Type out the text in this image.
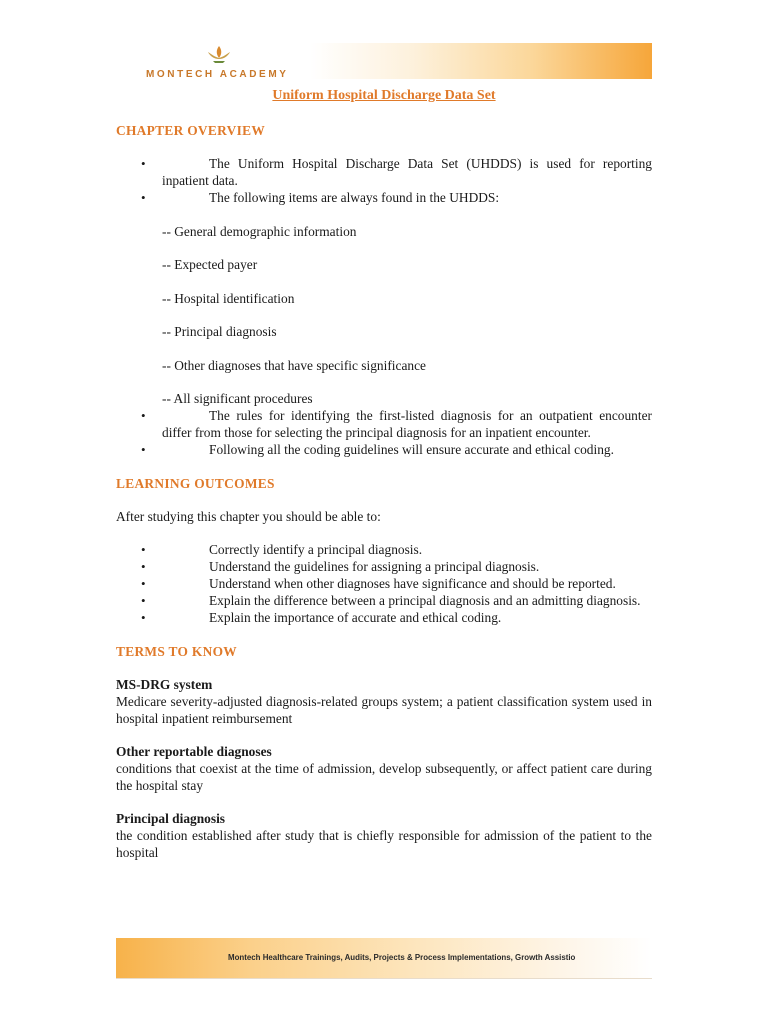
MONTECH ACADEMY
Uniform Hospital Discharge Data Set
CHAPTER OVERVIEW
•	The Uniform Hospital Discharge Data Set (UHDDS) is used for reporting inpatient data.
•	The following items are always found in the UHDDS:
-- General demographic information
-- Expected payer
-- Hospital identification
-- Principal diagnosis
-- Other diagnoses that have specific significance
-- All significant procedures
•	The rules for identifying the first-listed diagnosis for an outpatient encounter differ from those for selecting the principal diagnosis for an inpatient encounter.
•	Following all the coding guidelines will ensure accurate and ethical coding.
LEARNING OUTCOMES

After studying this chapter you should be able to:

•	Correctly identify a principal diagnosis.
•	Understand the guidelines for assigning a principal diagnosis.
•	Understand when other diagnoses have significance and should be reported.
•	Explain the difference between a principal diagnosis and an admitting diagnosis.
•	Explain the importance of accurate and ethical coding.
TERMS TO KNOW

MS-DRG system

Medicare severity-adjusted diagnosis-related groups system; a patient classification system used in hospital inpatient reimbursement

Other reportable diagnoses

conditions that coexist at the time of admission, develop subsequently, or affect patient care during the hospital stay

Principal diagnosis

the condition established after study that is chiefly responsible for admission of the patient to the hospital

Montech Healthcare Trainings, Audits, Projects & Process Implementations, Growth Assistio
